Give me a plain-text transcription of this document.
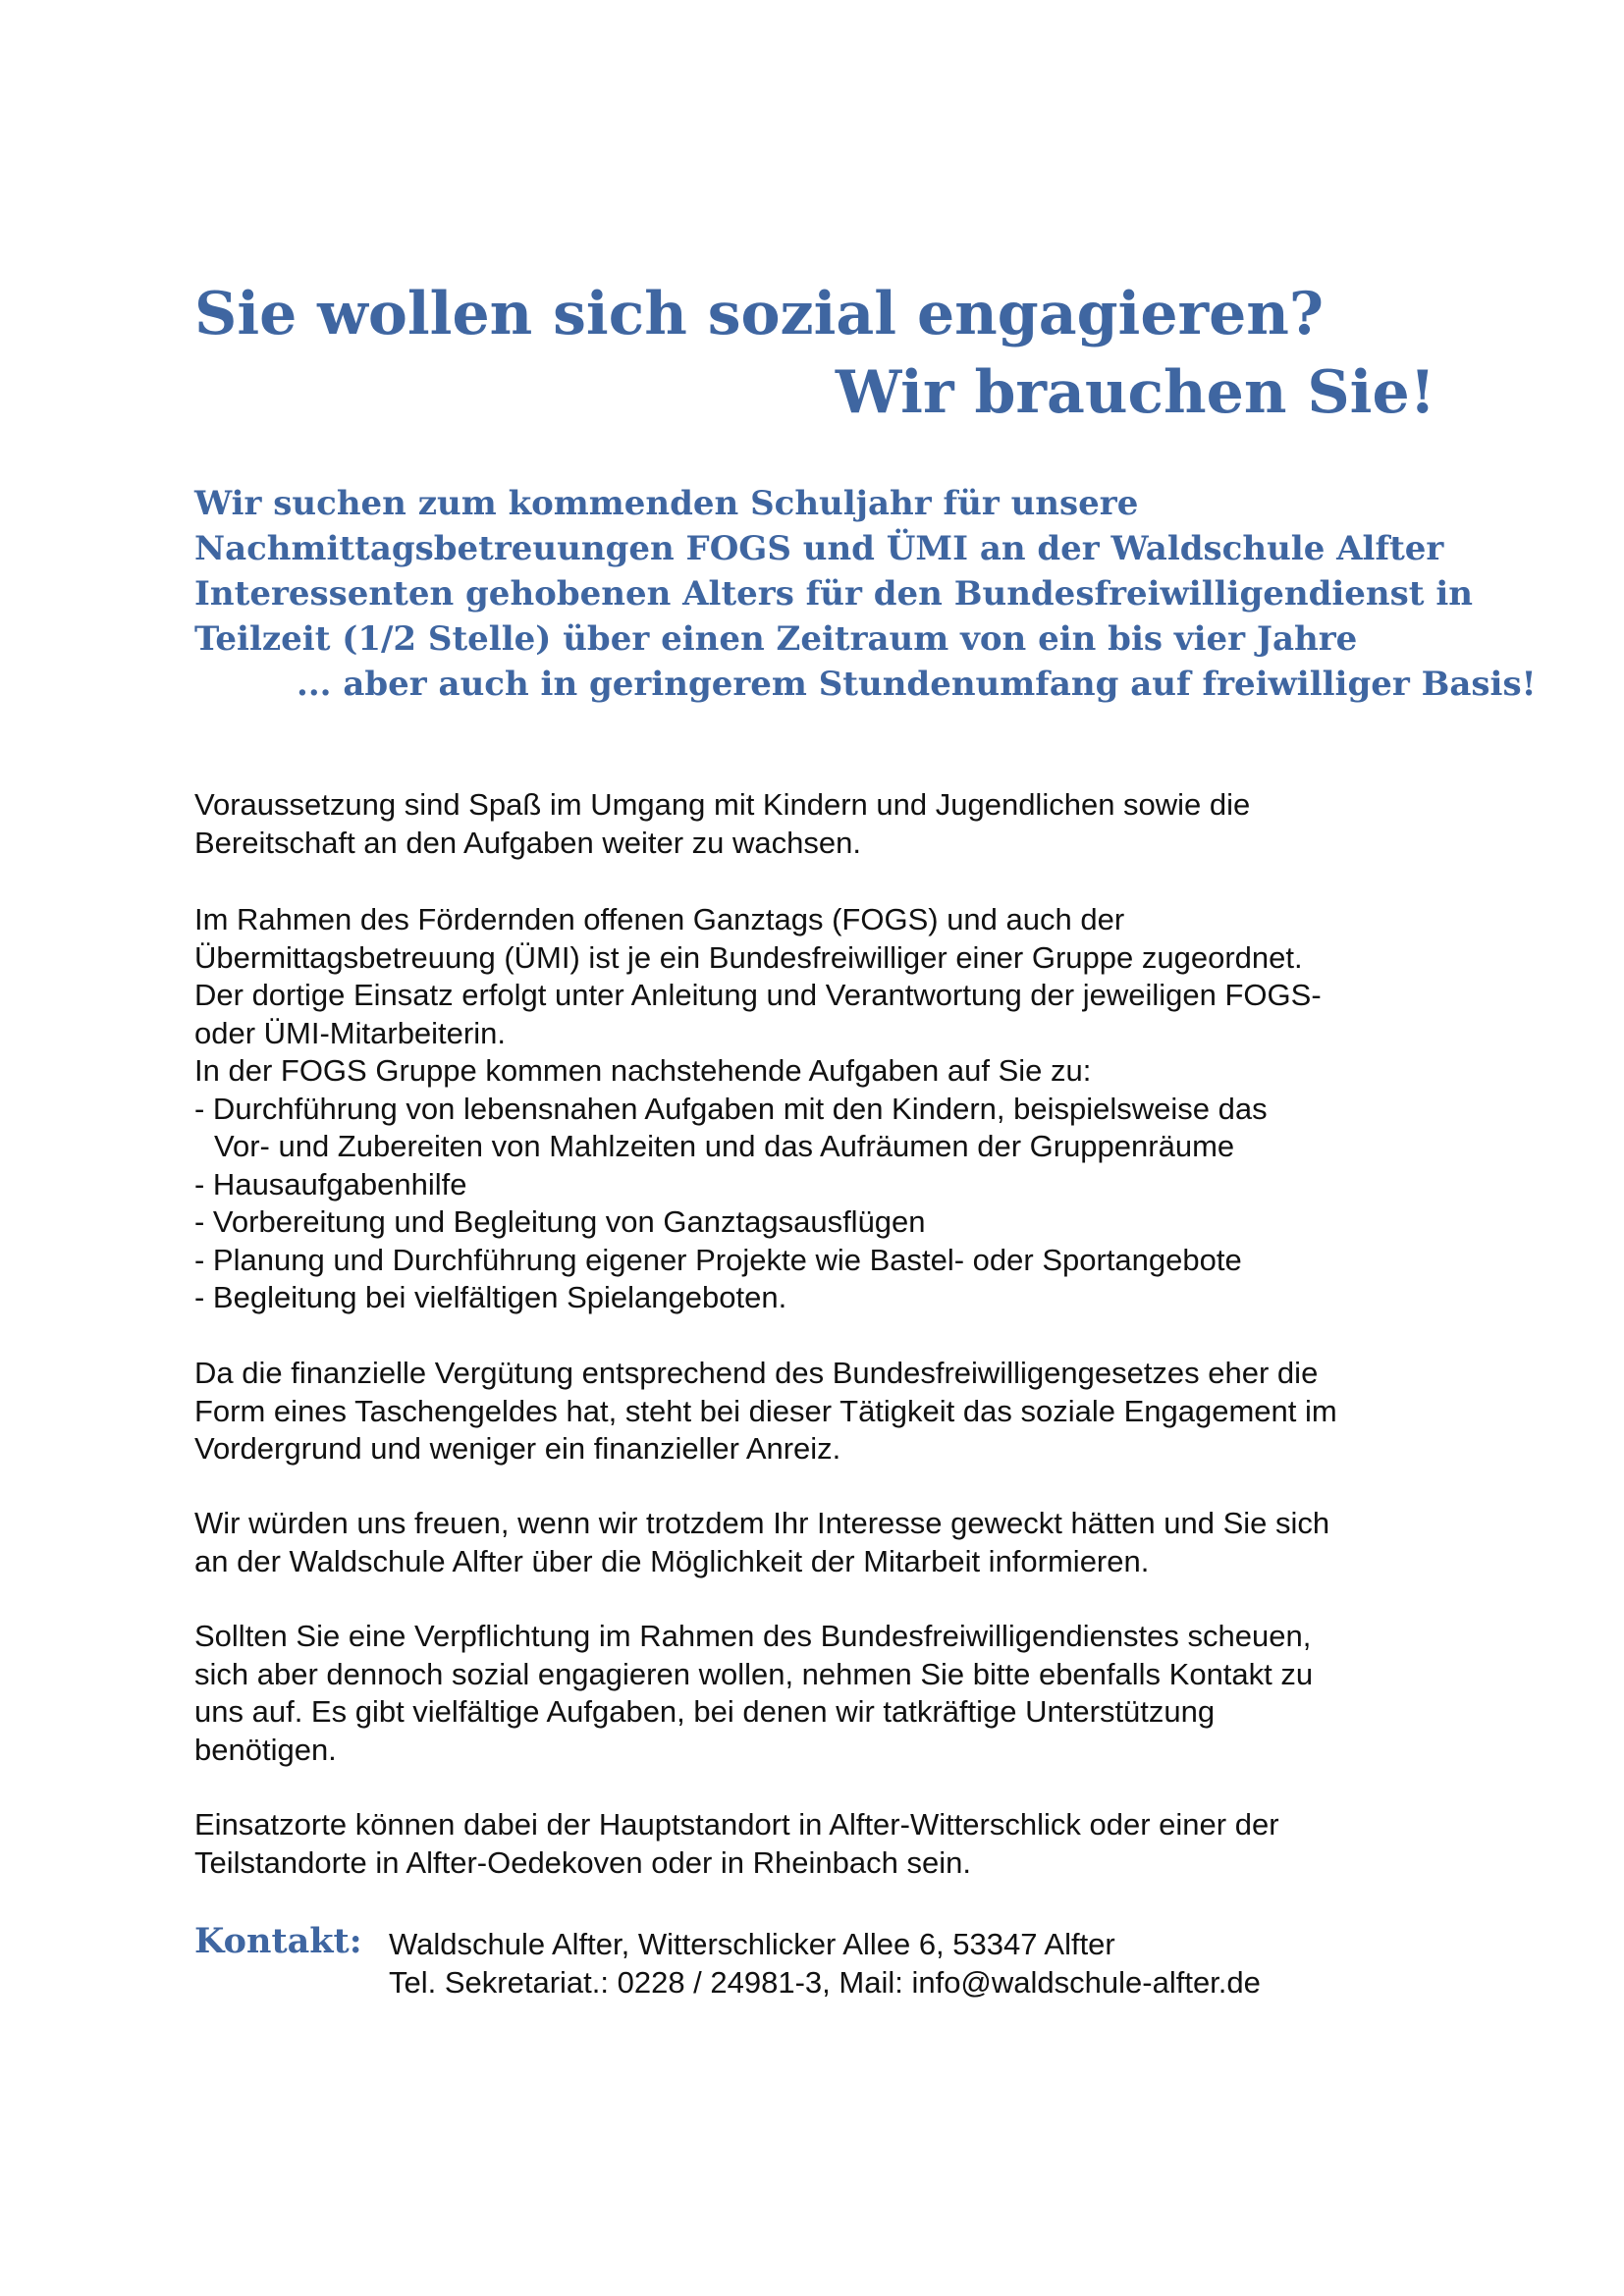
Sie wollen sich sozial engagieren?
Wir brauchen Sie!
Wir suchen zum kommenden Schuljahr für unsere
Nachmittagsbetreuungen FOGS und ÜMI an der Waldschule Alfter
Interessenten gehobenen Alters für den Bundesfreiwilligendienst in
Teilzeit (1/2 Stelle) über einen Zeitraum von ein bis vier Jahre
... aber auch in geringerem Stundenumfang auf freiwilliger Basis!
Voraussetzung sind Spaß im Umgang mit Kindern und Jugendlichen sowie die
Bereitschaft an den Aufgaben weiter zu wachsen.
Im Rahmen des Fördernden offenen Ganztags (FOGS) und auch der
Übermittagsbetreuung (ÜMI) ist je ein Bundesfreiwilliger einer Gruppe zugeordnet.
Der dortige Einsatz erfolgt unter Anleitung und Verantwortung der jeweiligen FOGS-
oder ÜMI-Mitarbeiterin.
In der FOGS Gruppe kommen nachstehende Aufgaben auf Sie zu:
- Durchführung von lebensnahen Aufgaben mit den Kindern, beispielsweise das
Vor- und Zubereiten von Mahlzeiten und das Aufräumen der Gruppenräume
- Hausaufgabenhilfe
- Vorbereitung und Begleitung von Ganztagsausflügen
- Planung und Durchführung eigener Projekte wie Bastel- oder Sportangebote
- Begleitung bei vielfältigen Spielangeboten.
Da die finanzielle Vergütung entsprechend des Bundesfreiwilligengesetzes eher die
Form eines Taschengeldes hat, steht bei dieser Tätigkeit das soziale Engagement im
Vordergrund und weniger ein finanzieller Anreiz.
Wir würden uns freuen, wenn wir trotzdem Ihr Interesse geweckt hätten und Sie sich
an der Waldschule Alfter über die Möglichkeit der Mitarbeit informieren.
Sollten Sie eine Verpflichtung im Rahmen des Bundesfreiwilligendienstes scheuen,
sich aber dennoch sozial engagieren wollen, nehmen Sie bitte ebenfalls Kontakt zu
uns auf. Es gibt vielfältige Aufgaben, bei denen wir tatkräftige Unterstützung
benötigen.
Einsatzorte können dabei der Hauptstandort in Alfter-Witterschlick oder einer der
Teilstandorte in Alfter-Oedekoven oder in Rheinbach sein.
Kontakt: Waldschule Alfter, Witterschlicker Allee 6, 53347 Alfter
Tel. Sekretariat.: 0228 / 24981-3, Mail: info@waldschule-alfter.de
